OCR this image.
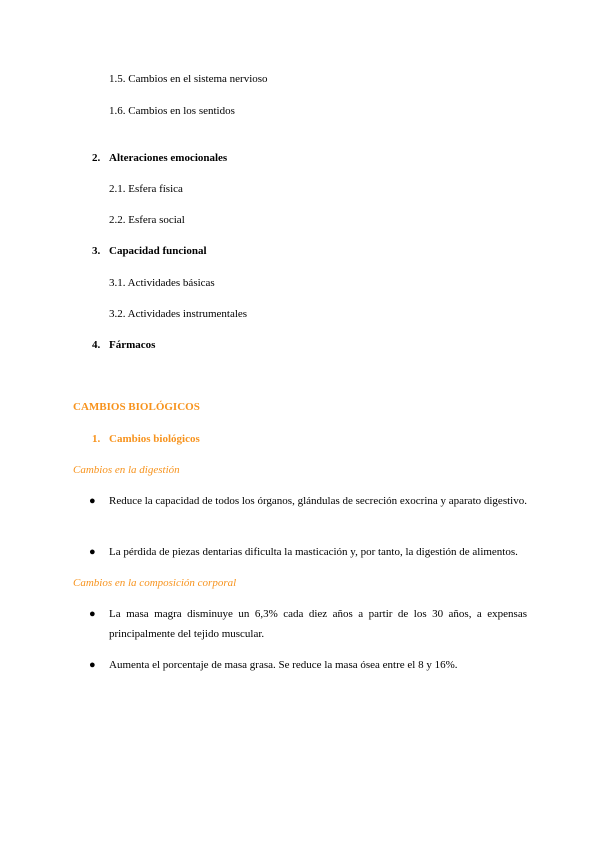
1.5. Cambios en el sistema nervioso
1.6. Cambios en los sentidos
2. Alteraciones emocionales
2.1. Esfera física
2.2. Esfera social
3. Capacidad funcional
3.1. Actividades básicas
3.2. Actividades instrumentales
4. Fármacos
CAMBIOS BIOLÓGICOS
1. Cambios biológicos
Cambios en la digestión
● Reduce la capacidad de todos los órganos, glándulas de secreción exocrina y aparato digestivo.
● La pérdida de piezas dentarias dificulta la masticación y, por tanto, la digestión de alimentos.
Cambios en la composición corporal
● La masa magra disminuye un 6,3% cada diez años a partir de los 30 años, a expensas principalmente del tejido muscular.
● Aumenta el porcentaje de masa grasa. Se reduce la masa ósea entre el 8 y 16%.
